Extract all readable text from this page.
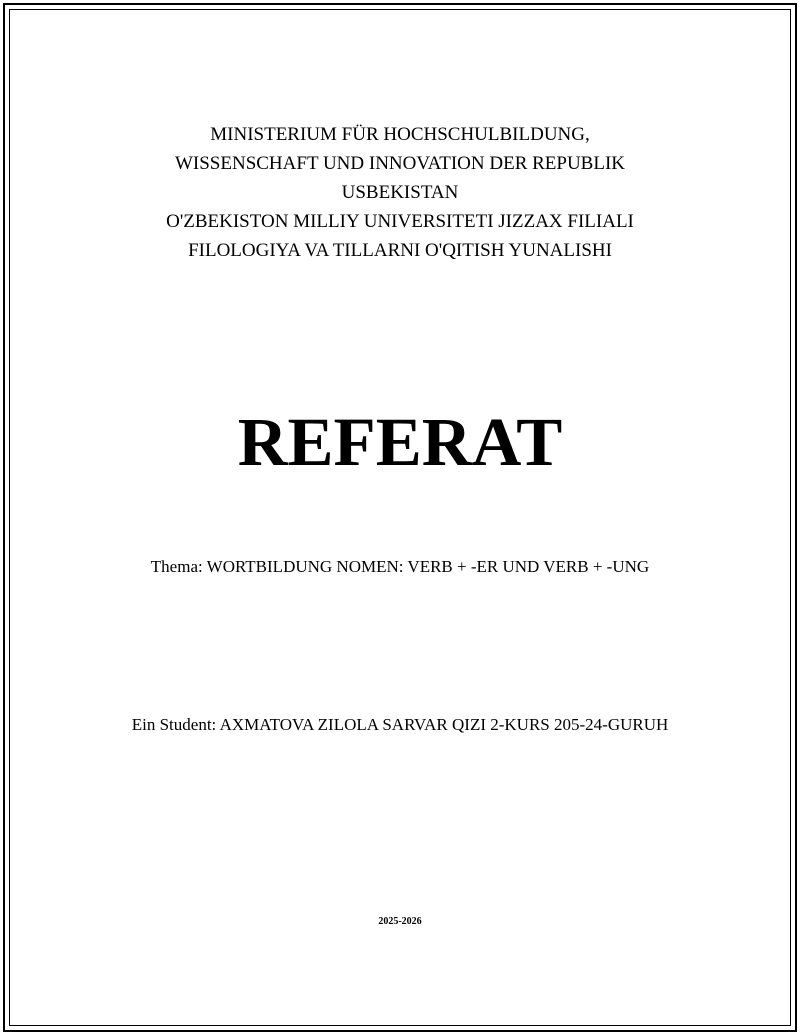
MINISTERIUM FÜR HOCHSCHULBILDUNG,
WISSENSCHAFT UND INNOVATION DER REPUBLIK
USBEKISTAN
O'ZBEKISTON MILLIY UNIVERSITETI JIZZAX FILIALI
FILOLOGIYA VA TILLARNI O'QITISH YUNALISHI
REFERAT
Thema: WORTBILDUNG NOMEN: VERB + -ER UND VERB + -UNG
Ein Student: AXMATOVA ZILOLA SARVAR QIZI 2-KURS 205-24-GURUH
2025-2026
